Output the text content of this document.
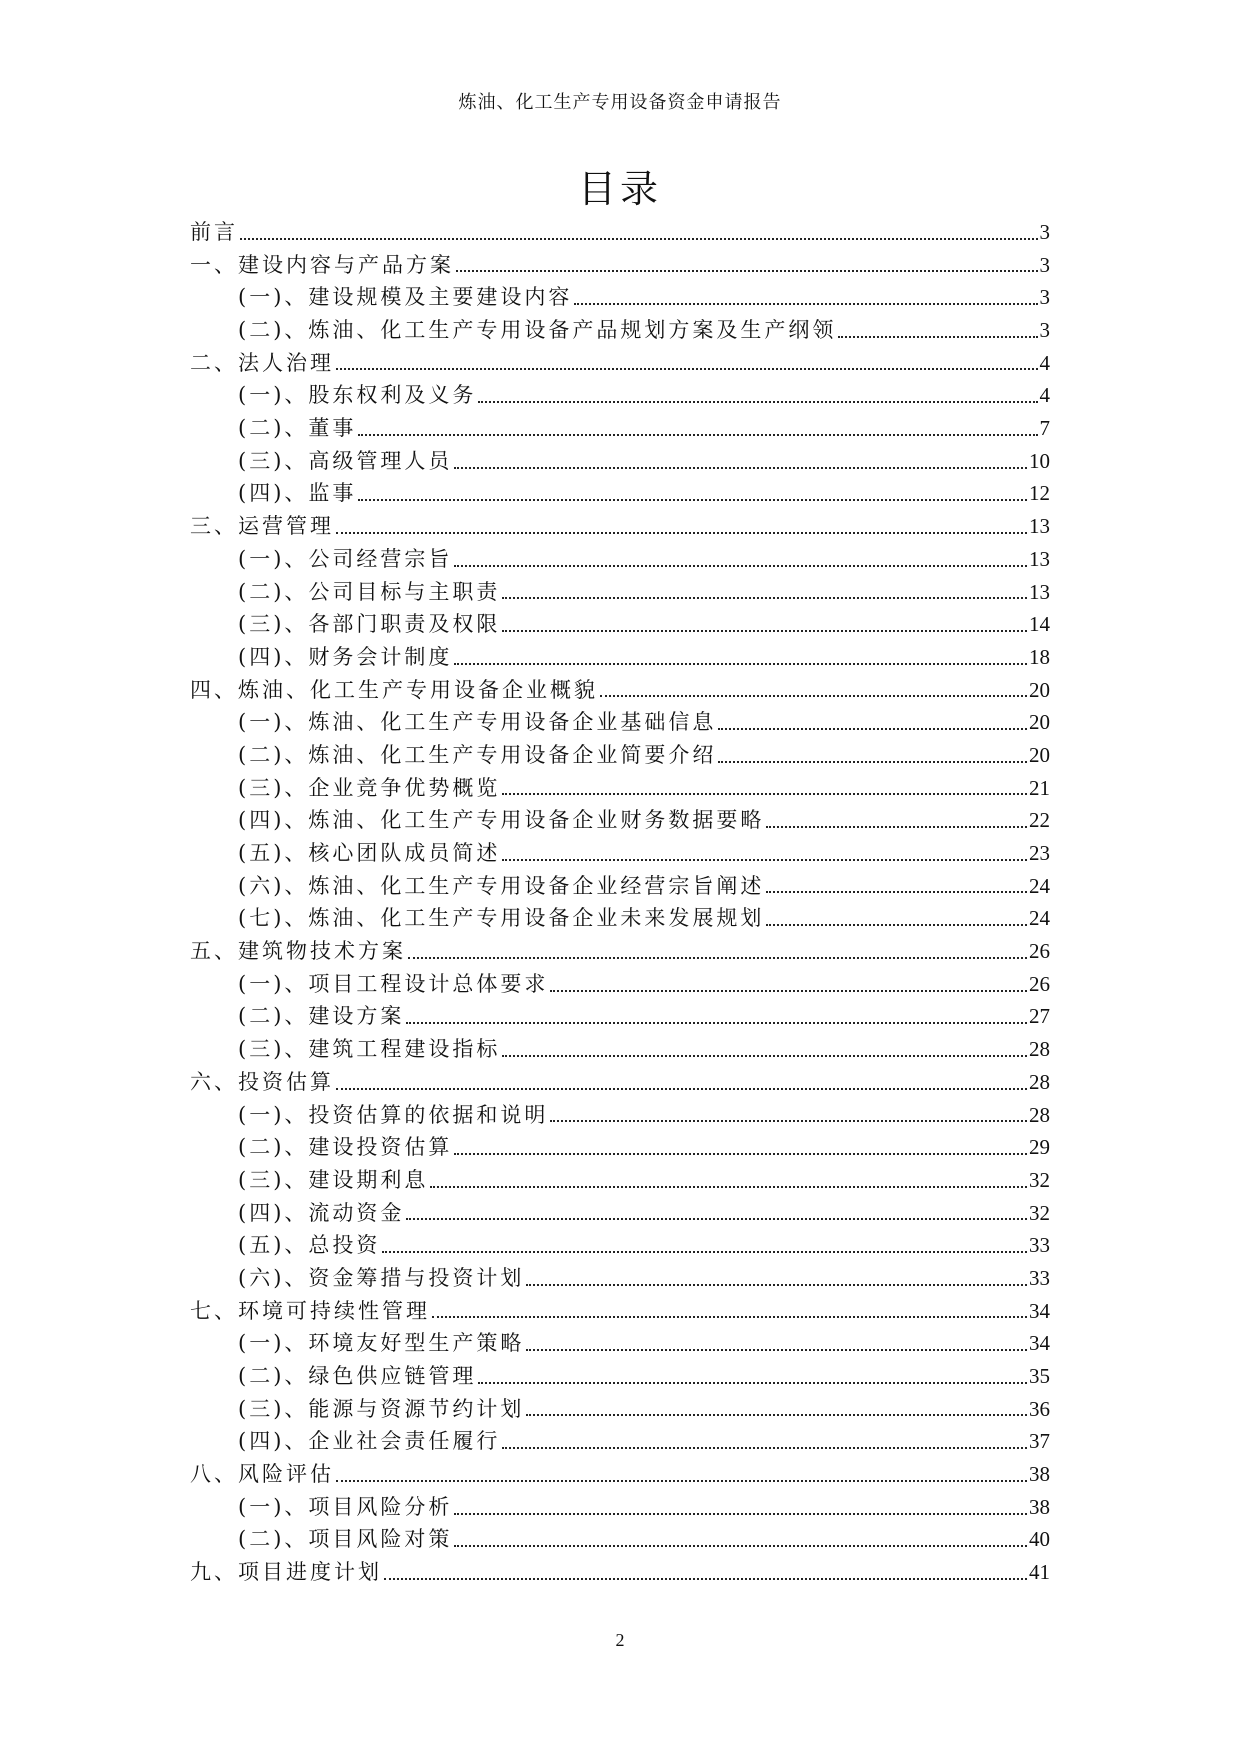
炼油、化工生产专用设备资金申请报告
目录
前言	3
一、建设内容与产品方案	3
(一)、建设规模及主要建设内容	3
(二)、炼油、化工生产专用设备产品规划方案及生产纲领	3
二、法人治理	4
(一)、股东权利及义务	4
(二)、董事	7
(三)、高级管理人员	10
(四)、监事	12
三、运营管理	13
(一)、公司经营宗旨	13
(二)、公司目标与主职责	13
(三)、各部门职责及权限	14
(四)、财务会计制度	18
四、炼油、化工生产专用设备企业概貌	20
(一)、炼油、化工生产专用设备企业基础信息	20
(二)、炼油、化工生产专用设备企业简要介绍	20
(三)、企业竞争优势概览	21
(四)、炼油、化工生产专用设备企业财务数据要略	22
(五)、核心团队成员简述	23
(六)、炼油、化工生产专用设备企业经营宗旨阐述	24
(七)、炼油、化工生产专用设备企业未来发展规划	24
五、建筑物技术方案	26
(一)、项目工程设计总体要求	26
(二)、建设方案	27
(三)、建筑工程建设指标	28
六、投资估算	28
(一)、投资估算的依据和说明	28
(二)、建设投资估算	29
(三)、建设期利息	32
(四)、流动资金	32
(五)、总投资	33
(六)、资金筹措与投资计划	33
七、环境可持续性管理	34
(一)、环境友好型生产策略	34
(二)、绿色供应链管理	35
(三)、能源与资源节约计划	36
(四)、企业社会责任履行	37
八、风险评估	38
(一)、项目风险分析	38
(二)、项目风险对策	40
九、项目进度计划	41
2
